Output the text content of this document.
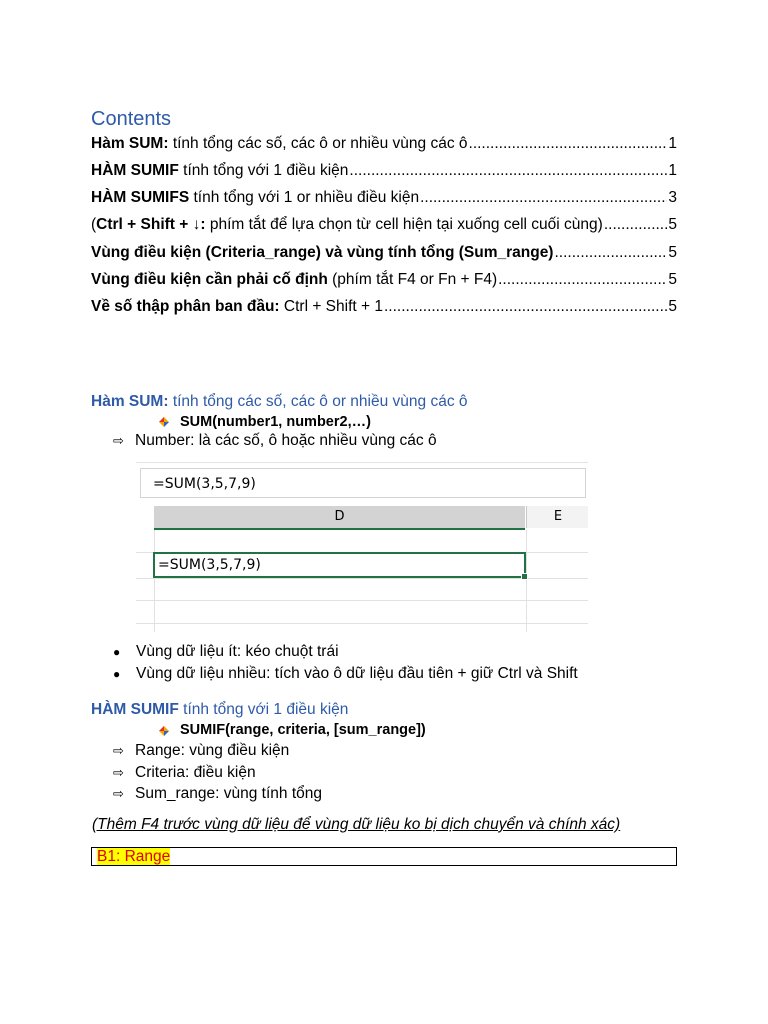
Contents
Hàm SUM: tính tổng các số, các ô or nhiều vùng các ô .....	1
HÀM SUMIF tính tổng với 1 điều kiện .....	1
HÀM SUMIFS tính tổng với 1 or nhiều điều kiện .....	3
(Ctrl + Shift + ↓: phím tắt để lựa chọn từ cell hiện tại xuống cell cuối cùng) .....	5
Vùng điều kiện (Criteria_range) và vùng tính tổng (Sum_range) .....	5
Vùng điều kiện cần phải cố định (phím tắt F4 or Fn + F4) .....	5
Về số thập phân ban đầu: Ctrl + Shift + 1 .....	5
Hàm SUM: tính tổng các số, các ô or nhiều vùng các ô
SUM(number1, number2,…)
⇨ Number: là các số, ô hoặc nhiều vùng các ô
=SUM(3,5,7,9)
D	E
=SUM(3,5,7,9)
● Vùng dữ liệu ít: kéo chuột trái
● Vùng dữ liệu nhiều: tích vào ô dữ liệu đầu tiên + giữ Ctrl và Shift
HÀM SUMIF tính tổng với 1 điều kiện
SUMIF(range, criteria, [sum_range])
⇨ Range: vùng điều kiện
⇨ Criteria: điều kiện
⇨ Sum_range: vùng tính tổng
(Thêm F4 trước vùng dữ liệu để vùng dữ liệu ko bị dịch chuyển và chính xác)
B1: Range
